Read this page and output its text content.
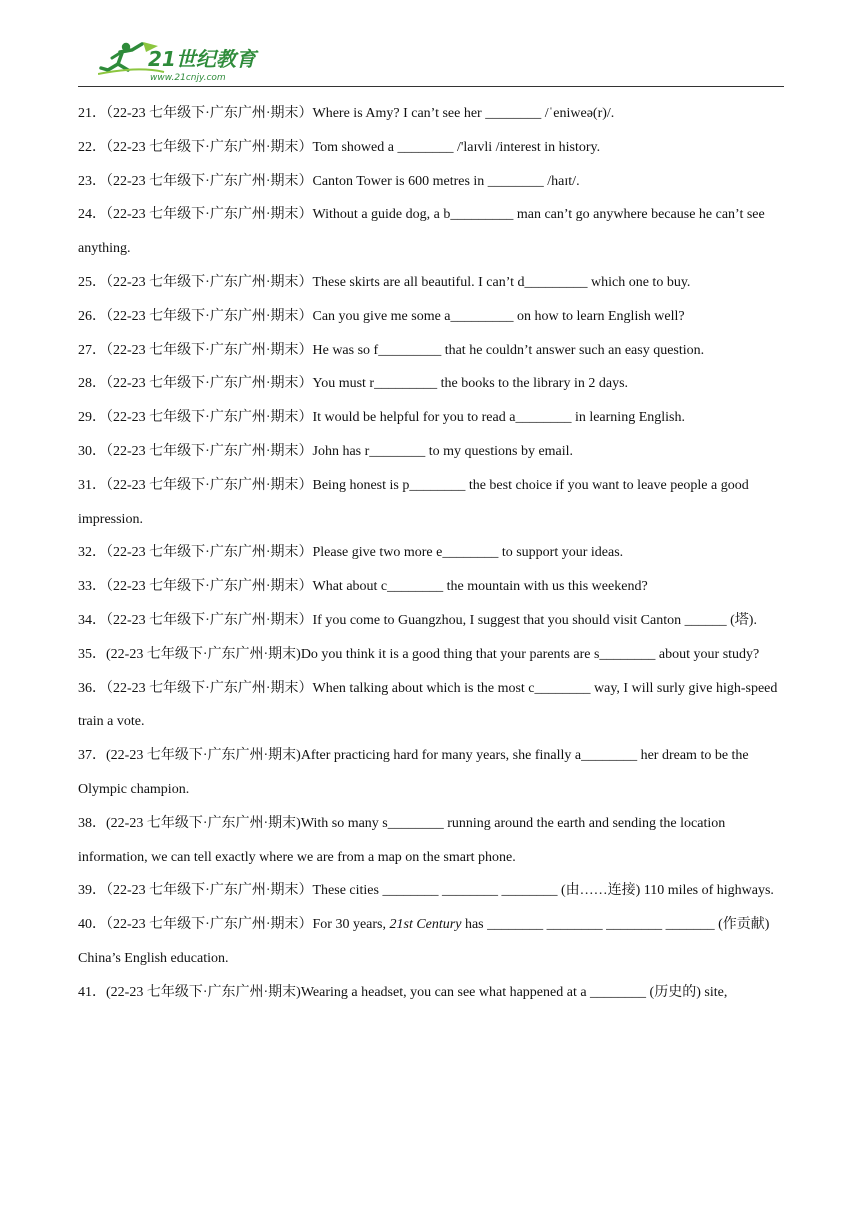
21世纪教育
www.21cnjy.com

21．（22-23 七年级下·广东广州·期末）Where is Amy? I can’t see her ________ /ˈeniweə(r)/.

22．（22-23 七年级下·广东广州·期末）Tom showed a ________ /'laɪvli /interest in history.

23．（22-23 七年级下·广东广州·期末）Canton Tower is 600 metres in ________ /haɪt/.

24．（22-23 七年级下·广东广州·期末）Without a guide dog, a b_________ man can’t go anywhere because he can’t see anything.

25．（22-23 七年级下·广东广州·期末）These skirts are all beautiful. I can’t d_________ which one to buy.

26．（22-23 七年级下·广东广州·期末）Can you give me some a_________ on how to learn English well?

27．（22-23 七年级下·广东广州·期末）He was so f_________ that he couldn’t answer such an easy question.

28．（22-23 七年级下·广东广州·期末）You must r_________ the books to the library in 2 days.

29．（22-23 七年级下·广东广州·期末）It would be helpful for you to read a________ in learning English.

30．（22-23 七年级下·广东广州·期末）John has r________ to my questions by email.

31．（22-23 七年级下·广东广州·期末）Being honest is p________ the best choice if you want to leave people a good impression.

32．（22-23 七年级下·广东广州·期末）Please give two more e________ to support your ideas.

33．（22-23 七年级下·广东广州·期末）What about c________ the mountain with us this weekend?

34．（22-23 七年级下·广东广州·期末）If you come to Guangzhou, I suggest that you should visit Canton ______ (塔).

35．(22-23 七年级下·广东广州·期末)Do you think it is a good thing that your parents are s________ about your study?

36．（22-23 七年级下·广东广州·期末）When talking about which is the most c________ way, I will surly give high-speed train a vote.

37．(22-23 七年级下·广东广州·期末)After practicing hard for many years, she finally a________ her dream to be the Olympic champion.

38．(22-23 七年级下·广东广州·期末)With so many s________ running around the earth and sending the location information, we can tell exactly where we are from a map on the smart phone.

39．（22-23 七年级下·广东广州·期末）These cities ________ ________ ________ (由……连接) 110 miles of highways.

40．（22-23 七年级下·广东广州·期末）For 30 years, 21st Century has ________ ________ ________ _______ (作贡献) China’s English education.

41．(22-23 七年级下·广东广州·期末)Wearing a headset, you can see what happened at a ________ (历史的) site,
